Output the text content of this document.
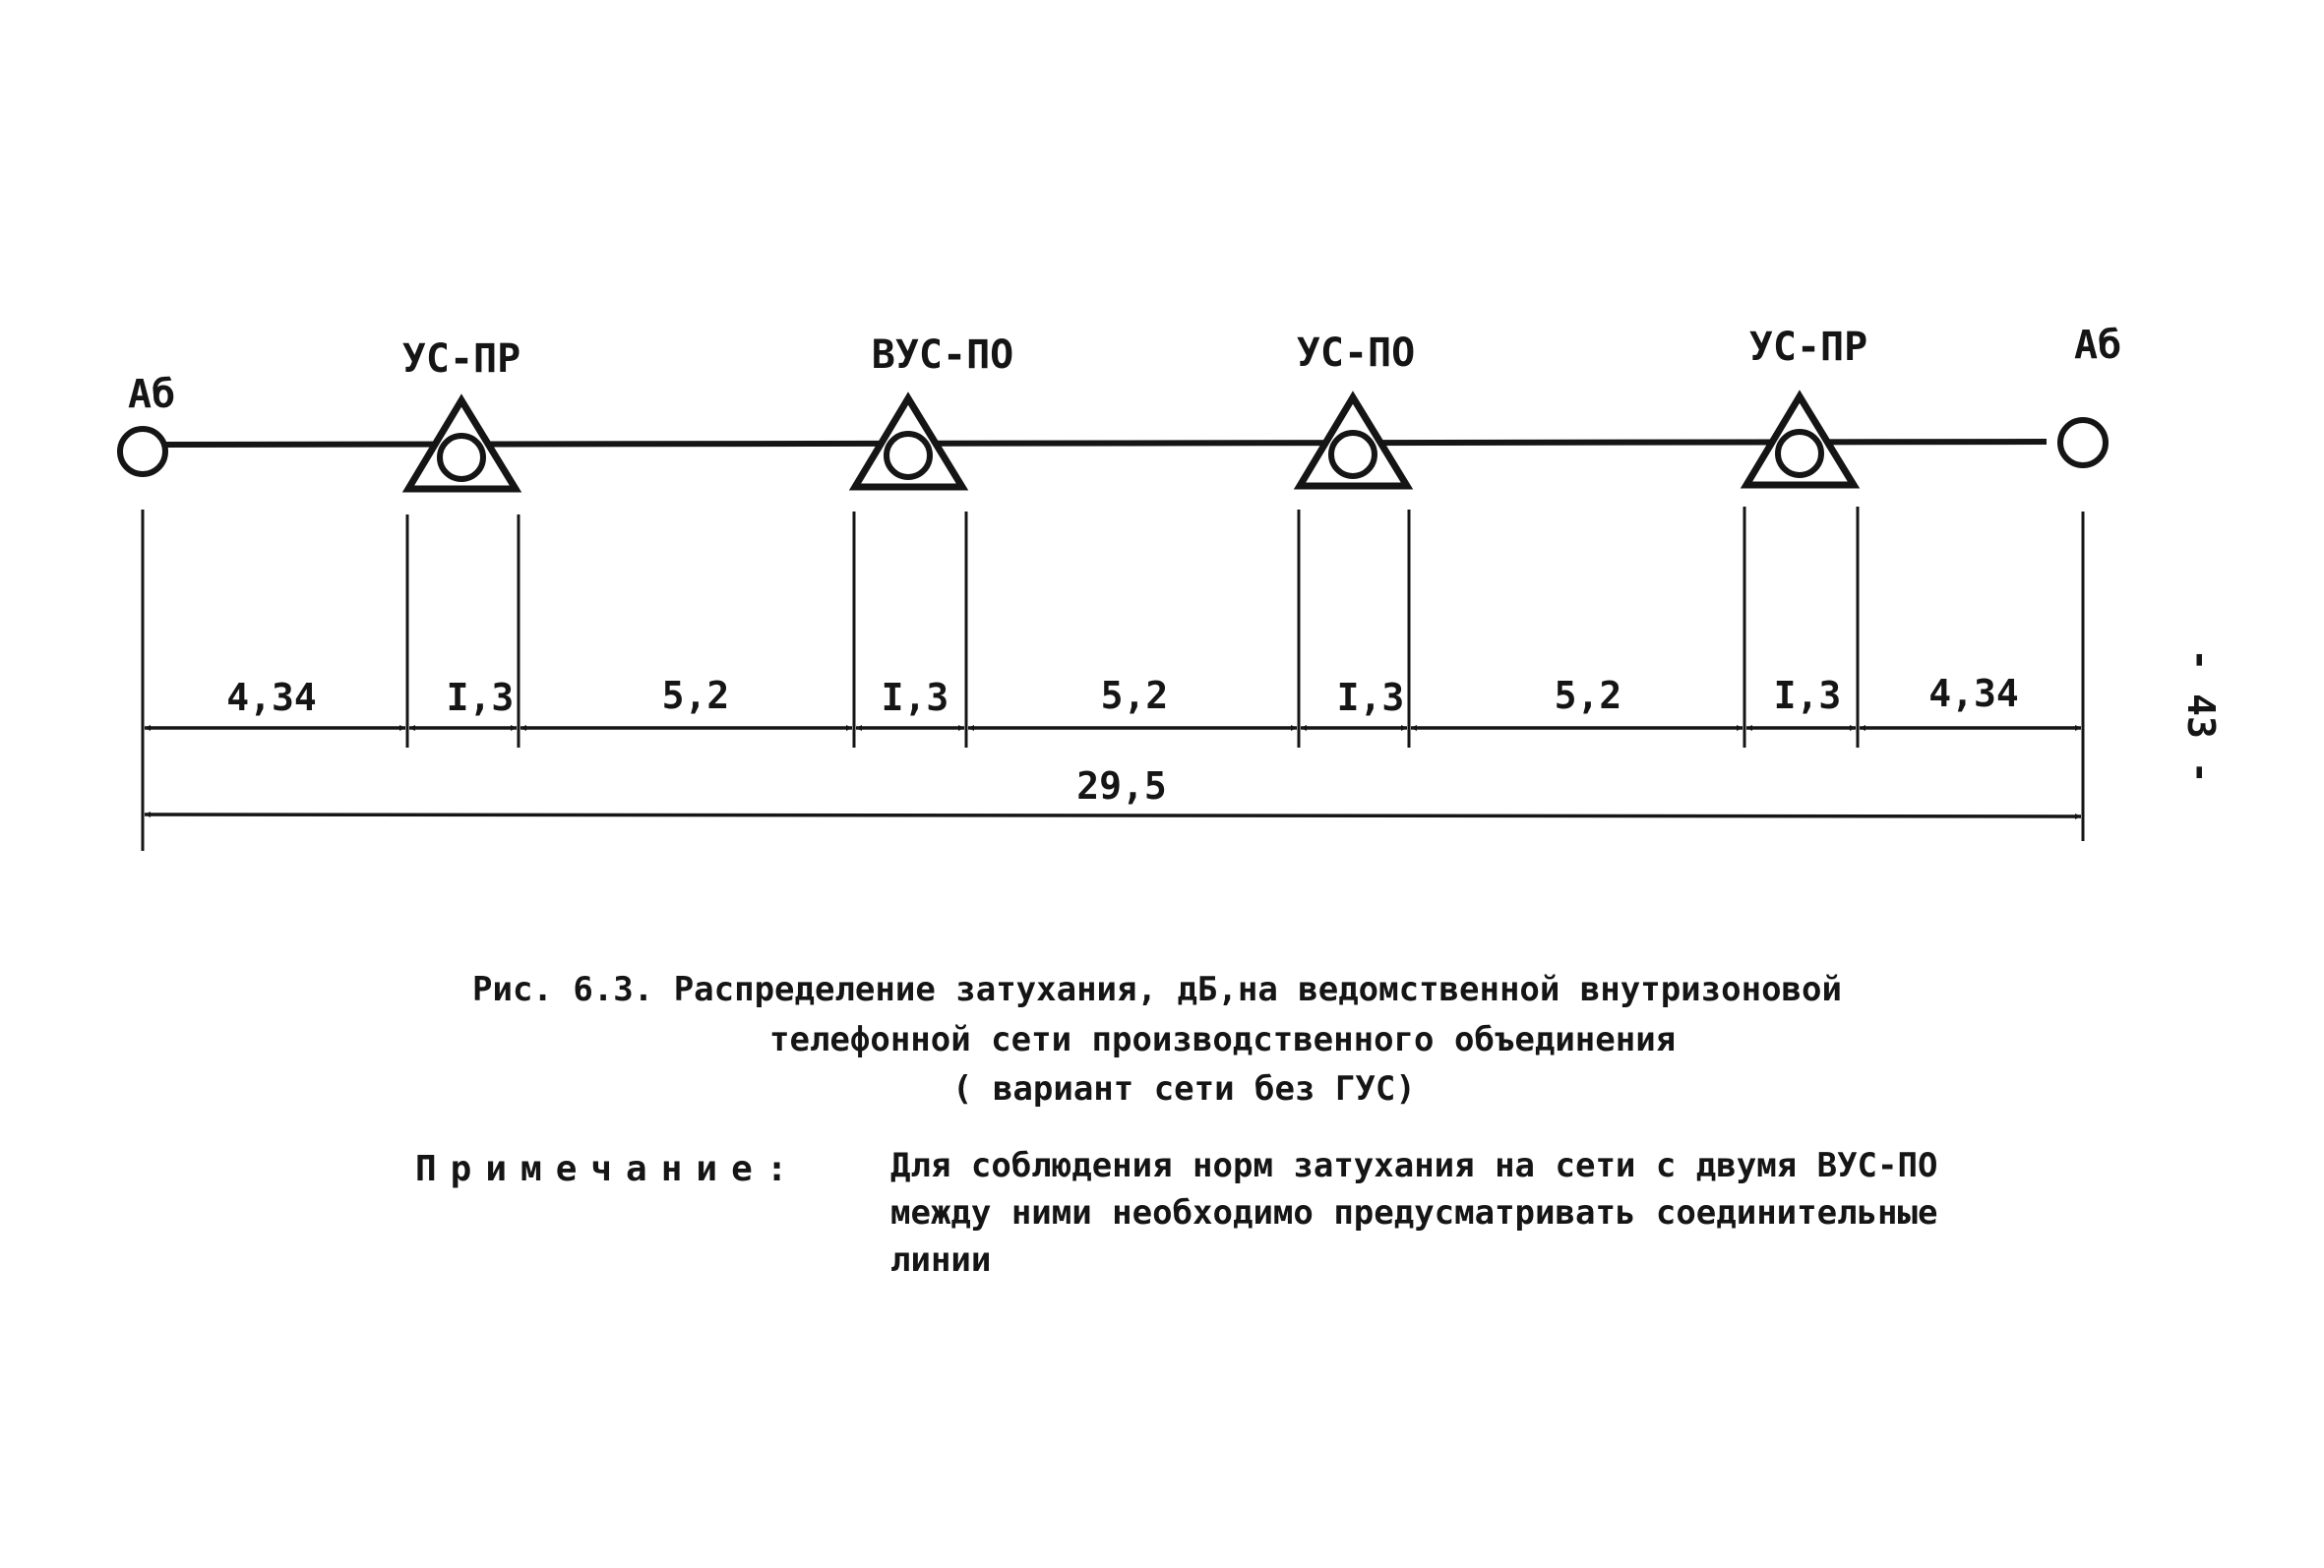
Аб
УС-ПР	ВУС-ПО	УС-ПО	УС-ПР	Аб
4,34	I,3	5,2	I,3	5,2	I,3	5,2	I,3 4,34
29,5
Рис. 6.3. Распределение затухания, дБ,на ведомственной внутризоновой
телефонной сети производственного объединения
( вариант сети без ГУС)
Примечание:	Для соблюдения норм затухания на сети с двумя ВУС-ПО
между ними необходимо предусматривать соединительные
линии
- 43 -
